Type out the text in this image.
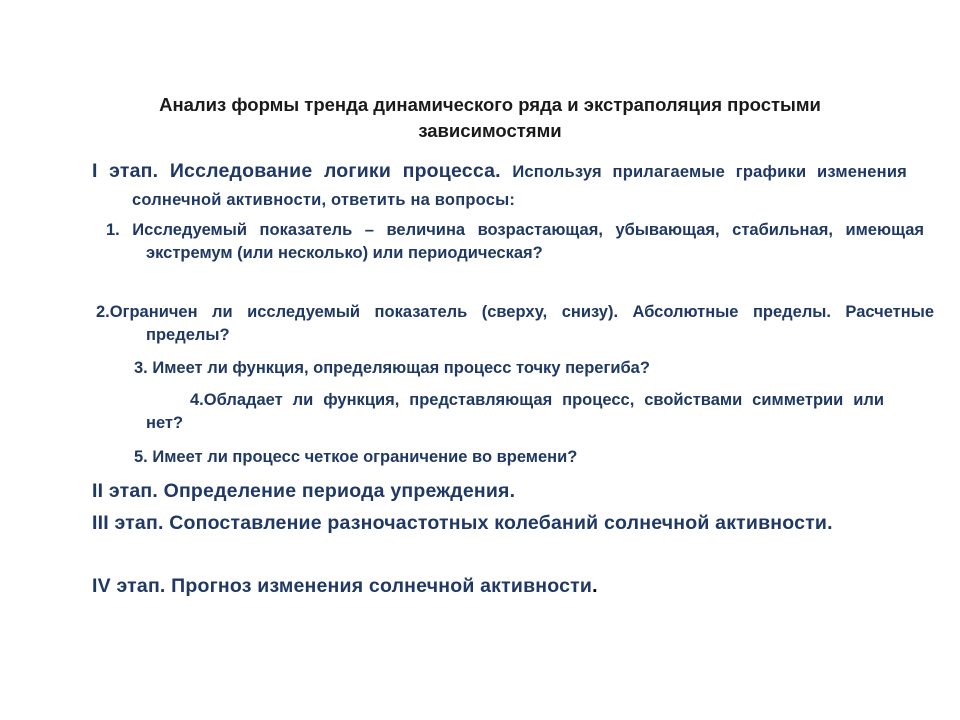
Анализ формы тренда динамического ряда и экстраполяция простыми зависимостями
I этап. Исследование логики процесса. Используя прилагаемые графики изменения солнечной активности, ответить на вопросы:
1. Исследуемый показатель – величина возрастающая, убывающая, стабильная, имеющая экстремум (или несколько) или периодическая?
2.Ограничен ли исследуемый показатель (сверху, снизу). Абсолютные пределы. Расчетные пределы?
3. Имеет ли функция, определяющая процесс точку перегиба?
4.Обладает ли функция, представляющая процесс, свойствами симметрии или нет?
5. Имеет ли процесс четкое ограничение во времени?
II этап. Определение периода упреждения.
III этап. Сопоставление разночастотных колебаний солнечной активности.
IV этап. Прогноз изменения солнечной активности.
